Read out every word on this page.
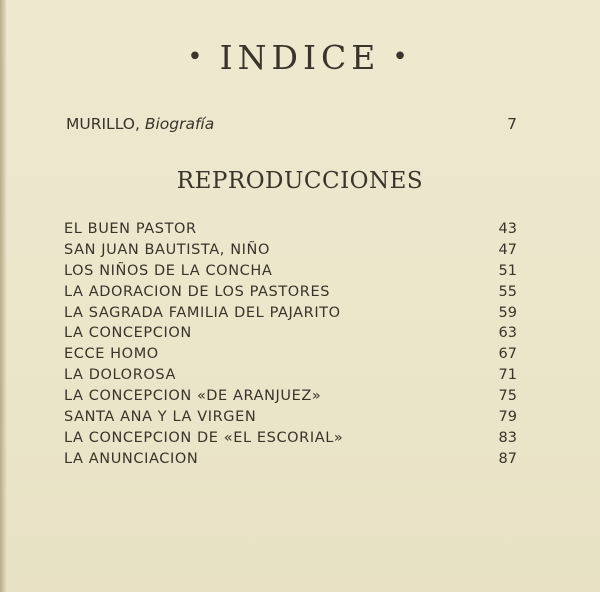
• INDICE •
MURILLO, Biografía	7
REPRODUCCIONES
EL BUEN PASTOR	43
SAN JUAN BAUTISTA, NIÑO	47
LOS NIÑOS DE LA CONCHA	51
LA ADORACION DE LOS PASTORES	55
LA SAGRADA FAMILIA DEL PAJARITO	59
LA CONCEPCION	63
ECCE HOMO	67
LA DOLOROSA	71
LA CONCEPCION «DE ARANJUEZ»	75
SANTA ANA Y LA VIRGEN	79
LA CONCEPCION DE «EL ESCORIAL»	83
LA ANUNCIACION	87
